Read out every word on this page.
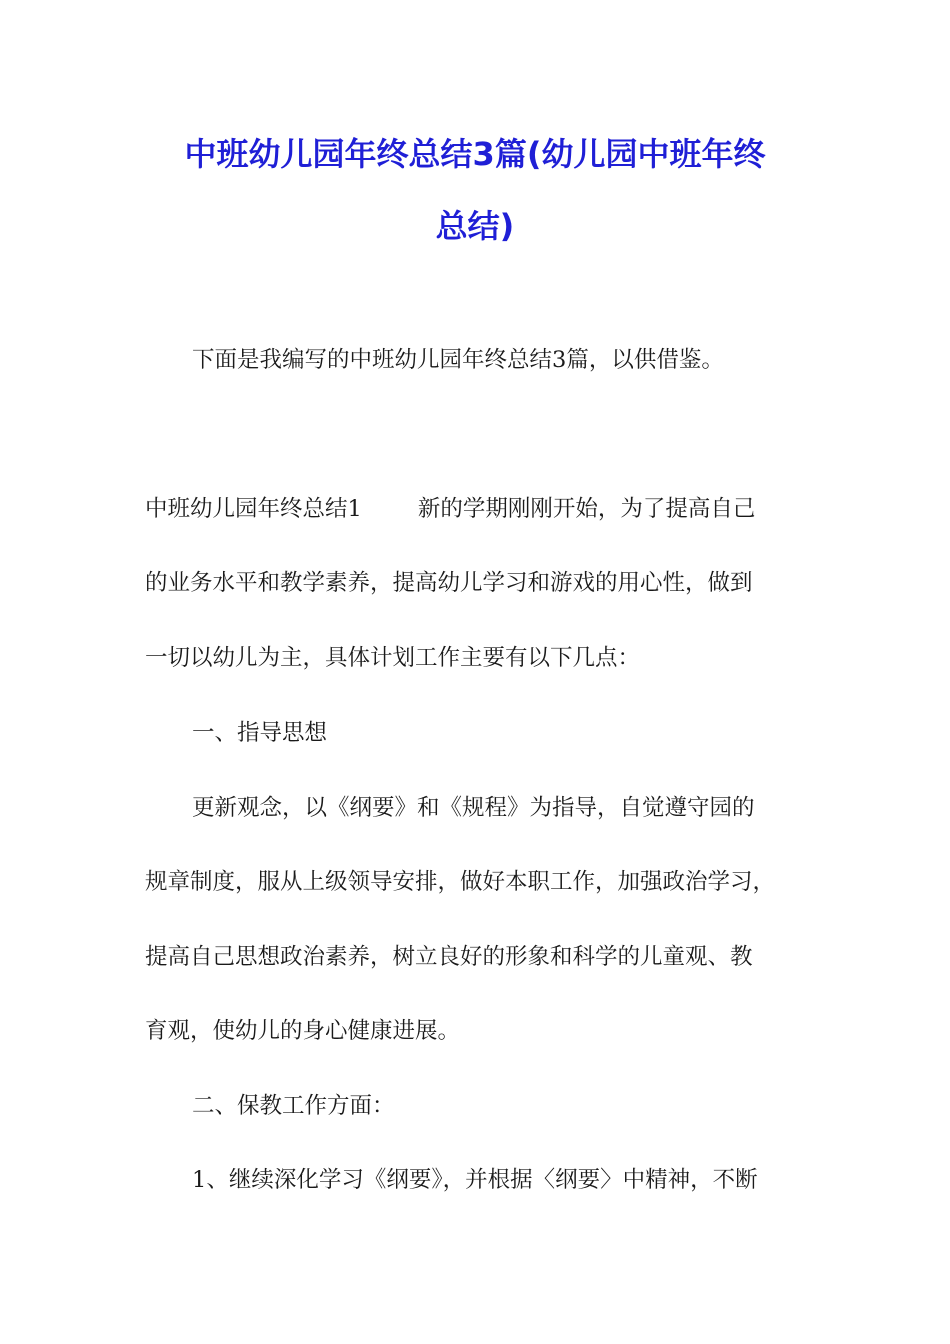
中班幼儿园年终总结3篇(幼儿园中班年终
总结)

下面是我编写的中班幼儿园年终总结3篇，以供借鉴。

中班幼儿园年终总结1 新的学期刚刚开始，为了提高自己

的业务水平和教学素养，提高幼儿学习和游戏的用心性，做到

一切以幼儿为主，具体计划工作主要有以下几点：

一、指导思想

更新观念，以《纲要》和《规程》为指导，自觉遵守园的

规章制度，服从上级领导安排，做好本职工作，加强政治学习，

提高自己思想政治素养，树立良好的形象和科学的儿童观、教

育观，使幼儿的身心健康进展。

二、保教工作方面：

1、继续深化学习《纲要》，并根据〈纲要〉中精神，不断
